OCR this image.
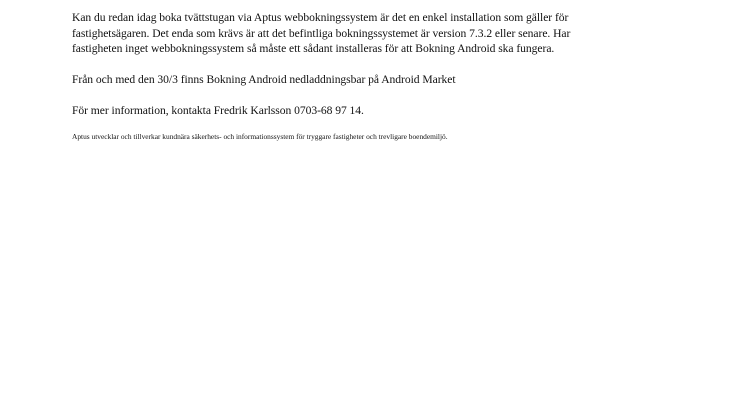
Kan du redan idag boka tvättstugan via Aptus webbokningssystem är det en enkel installation som gäller för
fastighetsägaren. Det enda som krävs är att det befintliga bokningssystemet är version 7.3.2 eller senare. Har
fastigheten inget webbokningssystem så måste ett sådant installeras för att Bokning Android ska fungera.

Från och med den 30/3 finns Bokning Android nedladdningsbar på Android Market

För mer information, kontakta Fredrik Karlsson 0703-68 97 14.

Aptus utvecklar och tillverkar kundnära säkerhets- och informationssystem för tryggare fastigheter och trevligare boendemiljö.
